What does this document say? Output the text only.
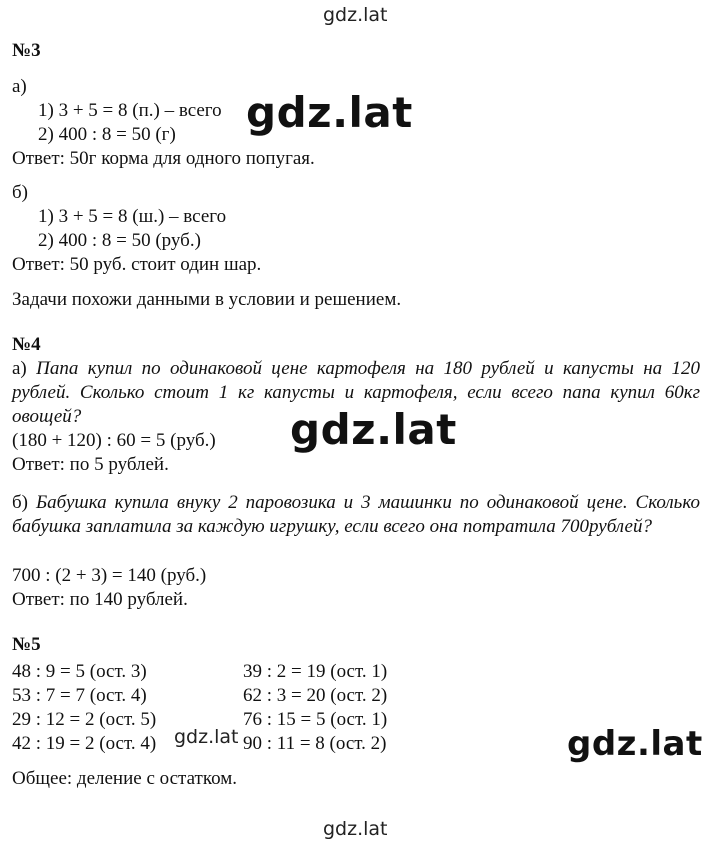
gdz.lat
gdz.lat
gdz.lat
gdz.lat	gdz.lat
gdz.lat
№3
а)
1) 3 + 5 = 8 (п.) – всего
2) 400 : 8 = 50 (г)
Ответ: 50г корма для одного попугая.
б)
1) 3 + 5 = 8 (ш.) – всего
2) 400 : 8 = 50 (руб.)
Ответ: 50 руб. стоит один шар.
Задачи похожи данными в условии и решением.
№4
а) Папа купил по одинаковой цене картофеля на 180 рублей и капусты на 120 рублей. Сколько стоит 1 кг капусты и картофеля, если всего папа купил 60кг овощей?
(180 + 120) : 60 = 5 (руб.)
Ответ: по 5 рублей.
б) Бабушка купила внуку 2 паровозика и 3 машинки по одинаковой цене. Сколько бабушка заплатила за каждую игрушку, если всего она потратила 700рублей?
700 : (2 + 3) = 140 (руб.)
Ответ: по 140 рублей.
№5
48 : 9 = 5 (ост. 3)
53 : 7 = 7 (ост. 4)
29 : 12 = 2 (ост. 5)
42 : 19 = 2 (ост. 4)
39 : 2 = 19 (ост. 1)
62 : 3 = 20 (ост. 2)
76 : 15 = 5 (ост. 1)
90 : 11 = 8 (ост. 2)
Общее: деление с остатком.
